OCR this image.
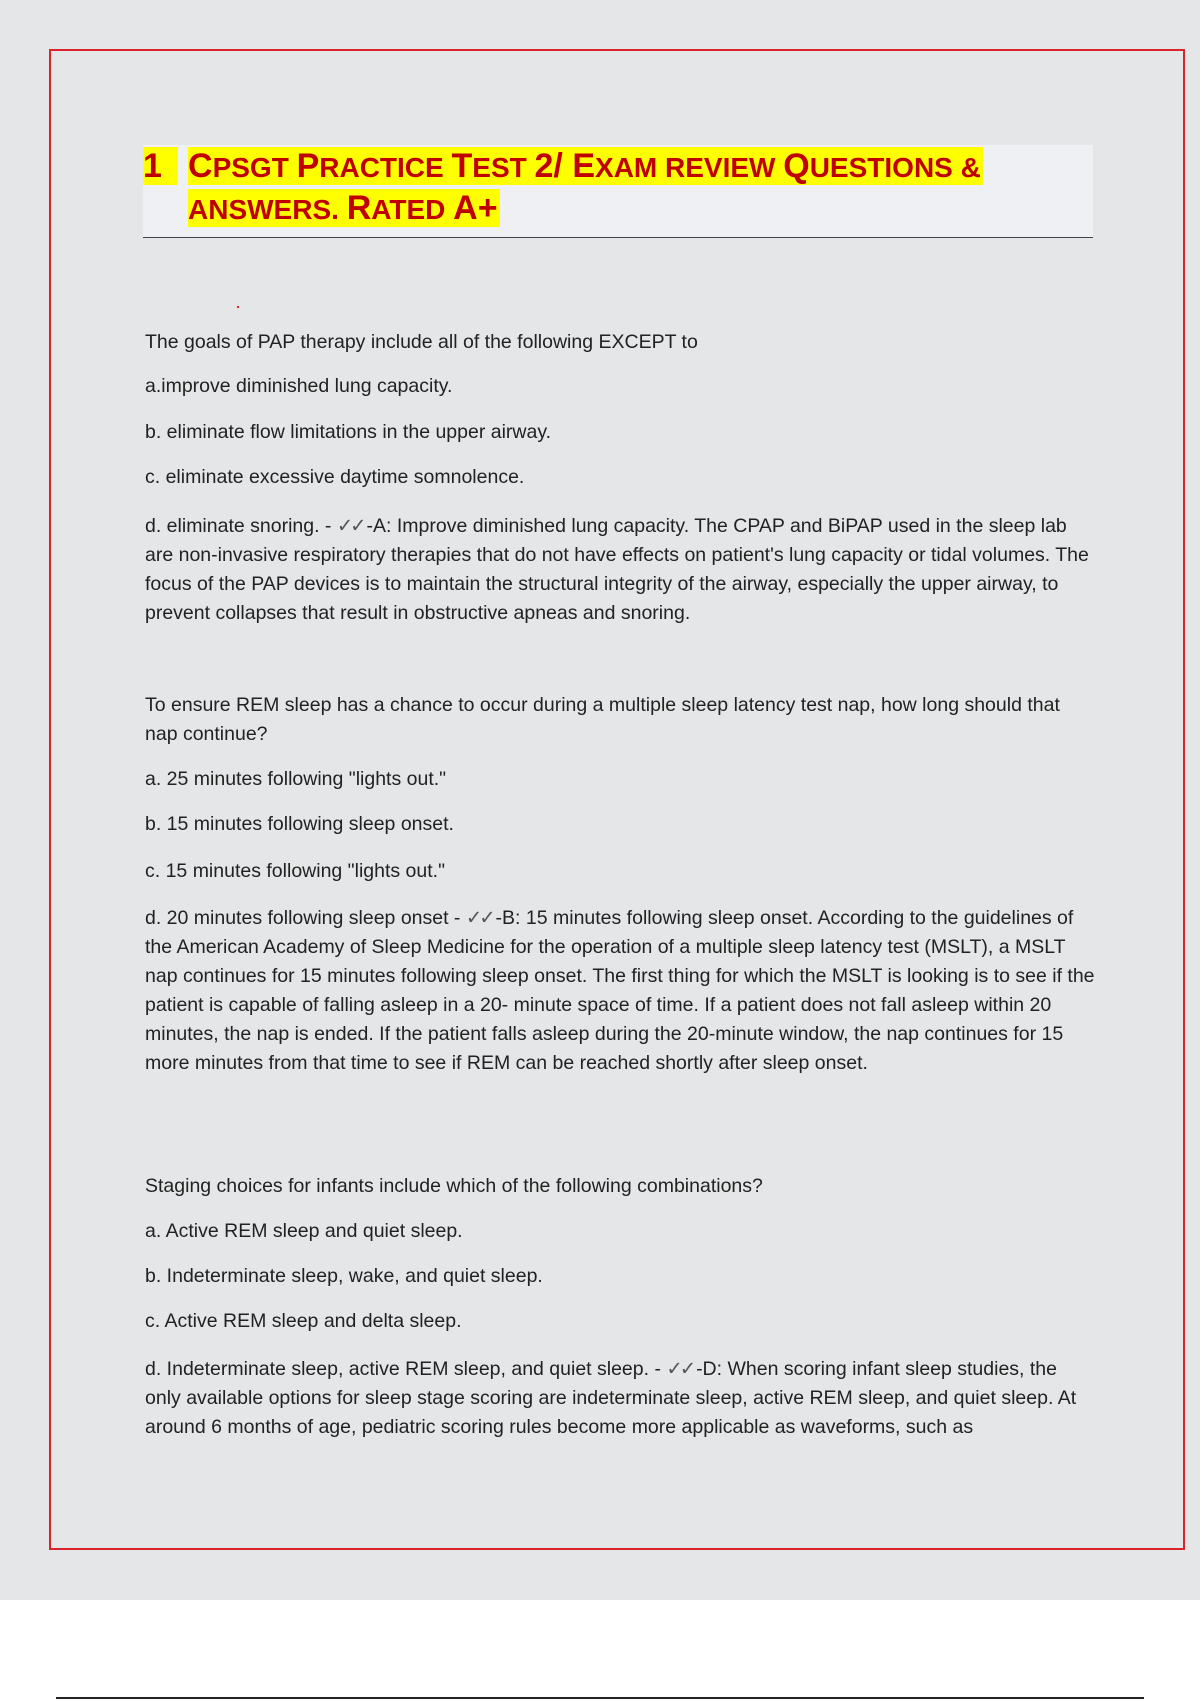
1 CPSGT PRACTICE TEST 2/ EXAM REVIEW QUESTIONS &
ANSWERS. RATED A+

The goals of PAP therapy include all of the following EXCEPT to

a.improve diminished lung capacity.

b. eliminate flow limitations in the upper airway.

c. eliminate excessive daytime somnolence.

d. eliminate snoring. - ✓✓ -A: Improve diminished lung capacity. The CPAP and BiPAP used in the sleep lab are non-invasive respiratory therapies that do not have effects on patient's lung capacity or tidal volumes. The focus of the PAP devices is to maintain the structural integrity of the airway, especially the upper airway, to prevent collapses that result in obstructive apneas and snoring.

To ensure REM sleep has a chance to occur during a multiple sleep latency test nap, how long should that nap continue?

a. 25 minutes following "lights out."

b. 15 minutes following sleep onset.

c. 15 minutes following "lights out."

d. 20 minutes following sleep onset - ✓✓ -B: 15 minutes following sleep onset. According to the guidelines of the American Academy of Sleep Medicine for the operation of a multiple sleep latency test (MSLT), a MSLT nap continues for 15 minutes following sleep onset. The first thing for which the MSLT is looking is to see if the patient is capable of falling asleep in a 20- minute space of time. If a patient does not fall asleep within 20 minutes, the nap is ended. If the patient falls asleep during the 20-minute window, the nap continues for 15 more minutes from that time to see if REM can be reached shortly after sleep onset.

Staging choices for infants include which of the following combinations?

a. Active REM sleep and quiet sleep.

b. Indeterminate sleep, wake, and quiet sleep.

c. Active REM sleep and delta sleep.

d. Indeterminate sleep, active REM sleep, and quiet sleep. - ✓✓ -D: When scoring infant sleep studies, the only available options for sleep stage scoring are indeterminate sleep, active REM sleep, and quiet sleep. At around 6 months of age, pediatric scoring rules become more applicable as waveforms, such as
